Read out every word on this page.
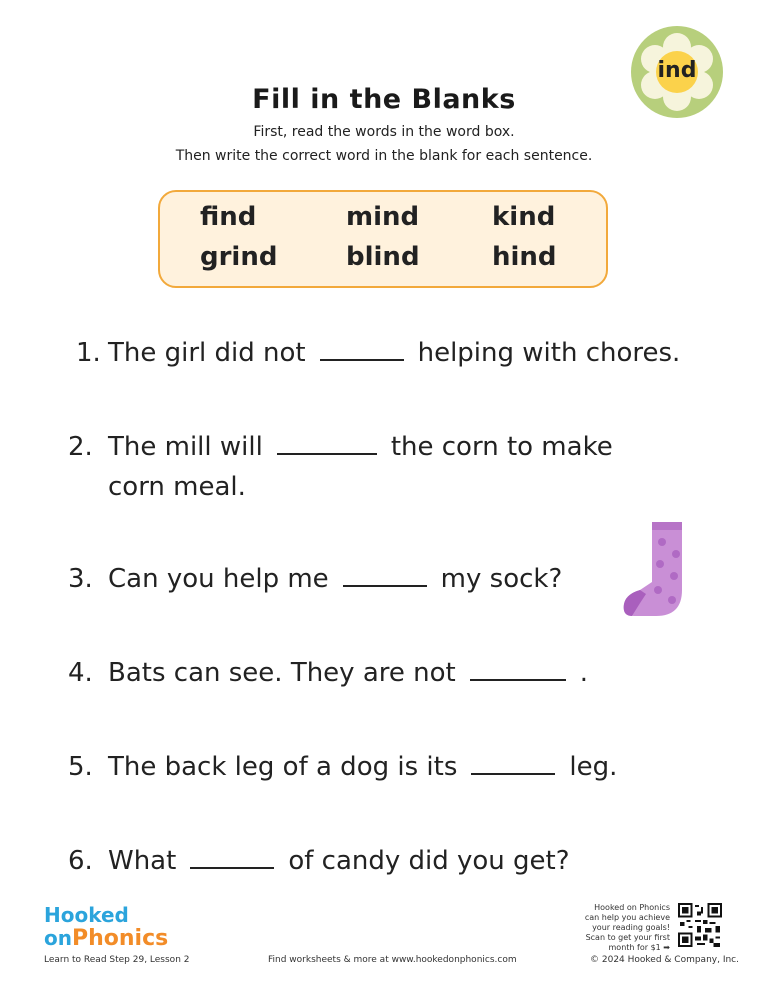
ind
Fill in the Blanks
First, read the words in the word box.
Then write the correct word in the blank for each sentence.
find	mind	kind
grind	blind	hind
1. The girl did not	helping with chores.
2. The mill will	the corn to make
corn meal.
3. Can you help me	my sock?
4. Bats can see. They are not	.
5. The back leg of a dog is its	leg.
6. What	of candy did you get?
Hooked
onPhonics
Learn to Read Step 29, Lesson 2	Find worksheets & more at www.hookedonphonics.com	© 2024 Hooked & Company, Inc.
Hooked on Phonics can help you achieve your reading goals! Scan to get your first month for $1 ➡
